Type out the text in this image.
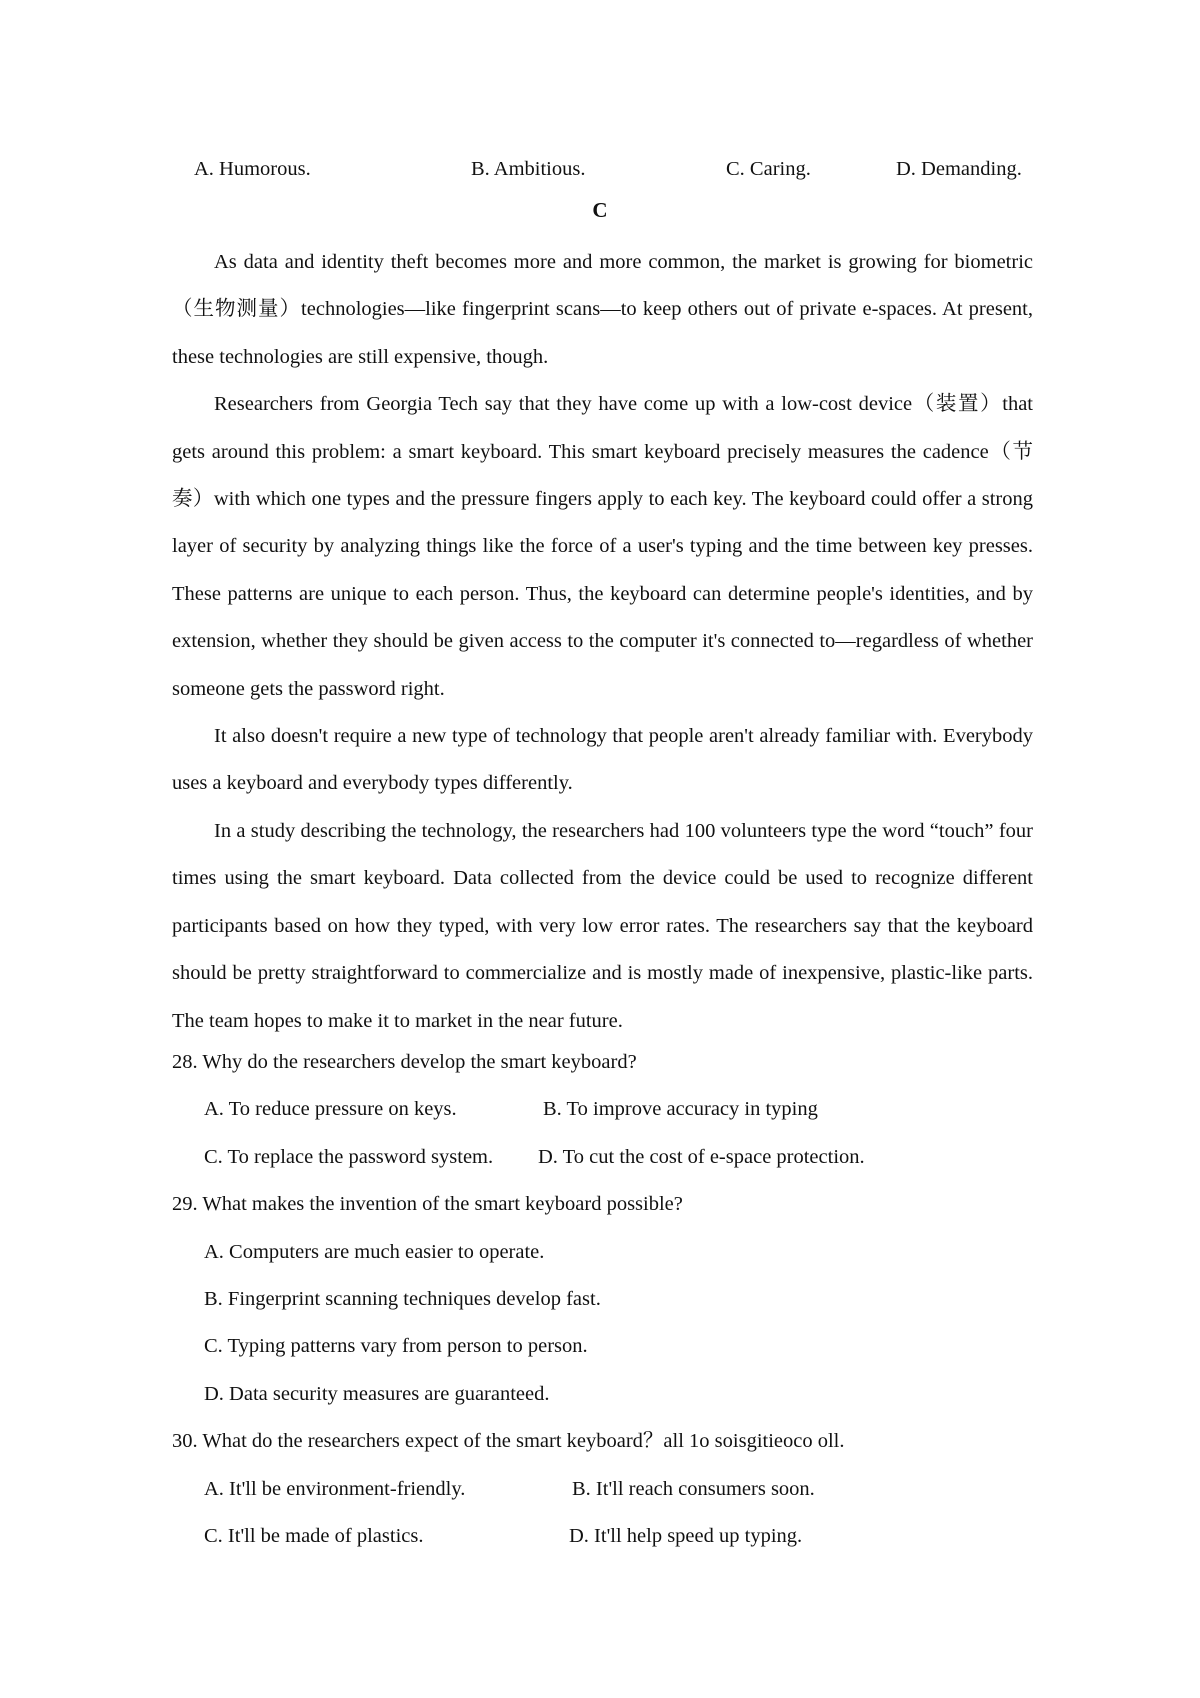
A. Humorous.	B. Ambitious.	C. Caring.	D. Demanding.
C

As data and identity theft becomes more and more common, the market is growing for biometric（生物测量）technologies—like fingerprint scans—to keep others out of private e-spaces. At present, these technologies are still expensive, though.

Researchers from Georgia Tech say that they have come up with a low-cost device（装置）that gets around this problem: a smart keyboard. This smart keyboard precisely measures the cadence（节奏）with which one types and the pressure fingers apply to each key. The keyboard could offer a strong layer of security by analyzing things like the force of a user's typing and the time between key presses. These patterns are unique to each person. Thus, the keyboard can determine people's identities, and by extension, whether they should be given access to the computer it's connected to—regardless of whether someone gets the password right.

It also doesn't require a new type of technology that people aren't already familiar with. Everybody uses a keyboard and everybody types differently.

In a study describing the technology, the researchers had 100 volunteers type the word “touch” four times using the smart keyboard. Data collected from the device could be used to recognize different participants based on how they typed, with very low error rates. The researchers say that the keyboard should be pretty straightforward to commercialize and is mostly made of inexpensive, plastic-like parts. The team hopes to make it to market in the near future.

28. Why do the researchers develop the smart keyboard?
A. To reduce pressure on keys.	B. To improve accuracy in typing
C. To replace the password system. D. To cut the cost of e-space protection.
29. What makes the invention of the smart keyboard possible?
A. Computers are much easier to operate.
B. Fingerprint scanning techniques develop fast.
C. Typing patterns vary from person to person.
D. Data security measures are guaranteed.
30. What do the researchers expect of the smart keyboard？all 1o soisgitieoco oll.
A. It'll be environment-friendly.	B. It'll reach consumers soon.
C. It'll be made of plastics.	D. It'll help speed up typing.
